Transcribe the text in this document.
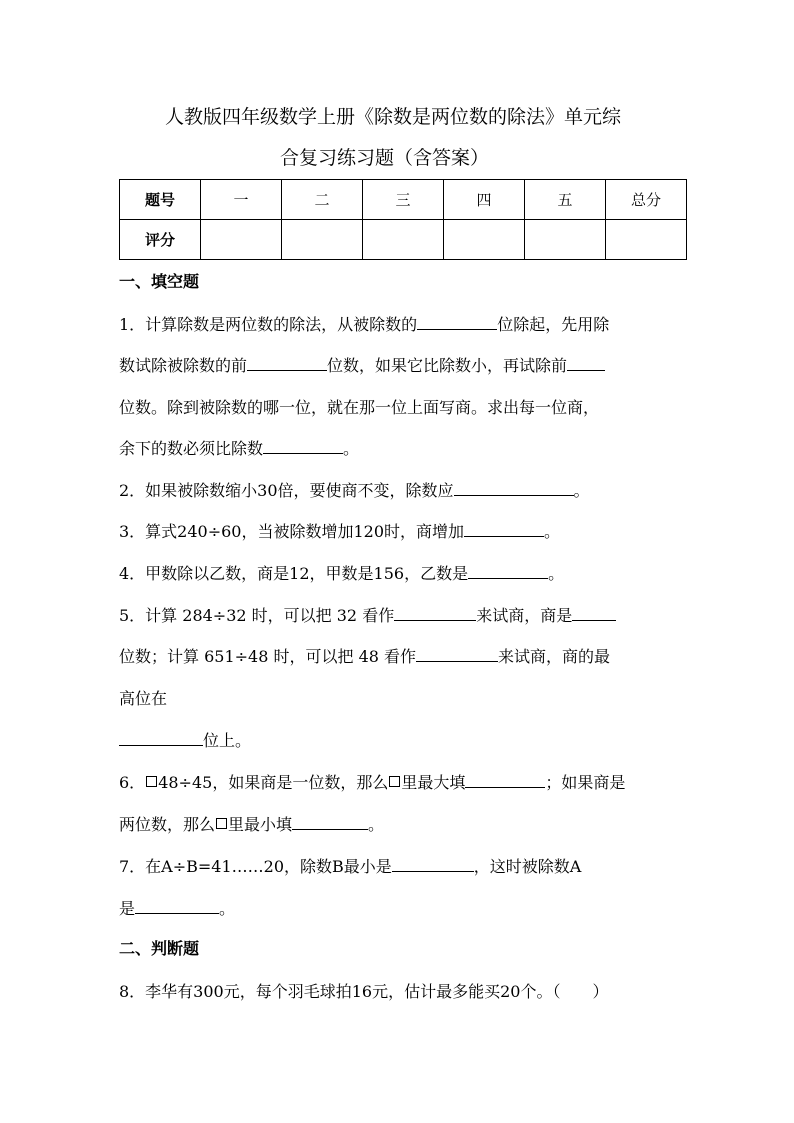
人教版四年级数学上册《除数是两位数的除法》单元综
合复习练习题（含答案）
题号	一	二	三	四	五	总分
评分						
一、填空题

1．计算除数是两位数的除法，从被除数的	位除起，先用除

数试除被除数的前	位数，如果它比除数小，再试除前

位数。除到被除数的哪一位，就在那一位上面写商。求出每一位商，

余下的数必须比除数	。

2．如果被除数缩小30倍，要使商不变，除数应	。

3．算式240÷60，当被除数增加120时，商增加	。

4．甲数除以乙数，商是12，甲数是156，乙数是	。

5．计算 284÷32 时，可以把 32 看作	来试商，商是

位数；计算 651÷48 时，可以把 48 看作	来试商，商的最

高位在

位上。

6． 48÷45，如果商是一位数，那么 里最大填	；如果商是

两位数，那么 里最小填	。

7．在A÷B=41……20，除数B最小是	，这时被除数A

是	。

二、判断题

8．李华有300元，每个羽毛球拍16元，估计最多能买20个。（　　）
